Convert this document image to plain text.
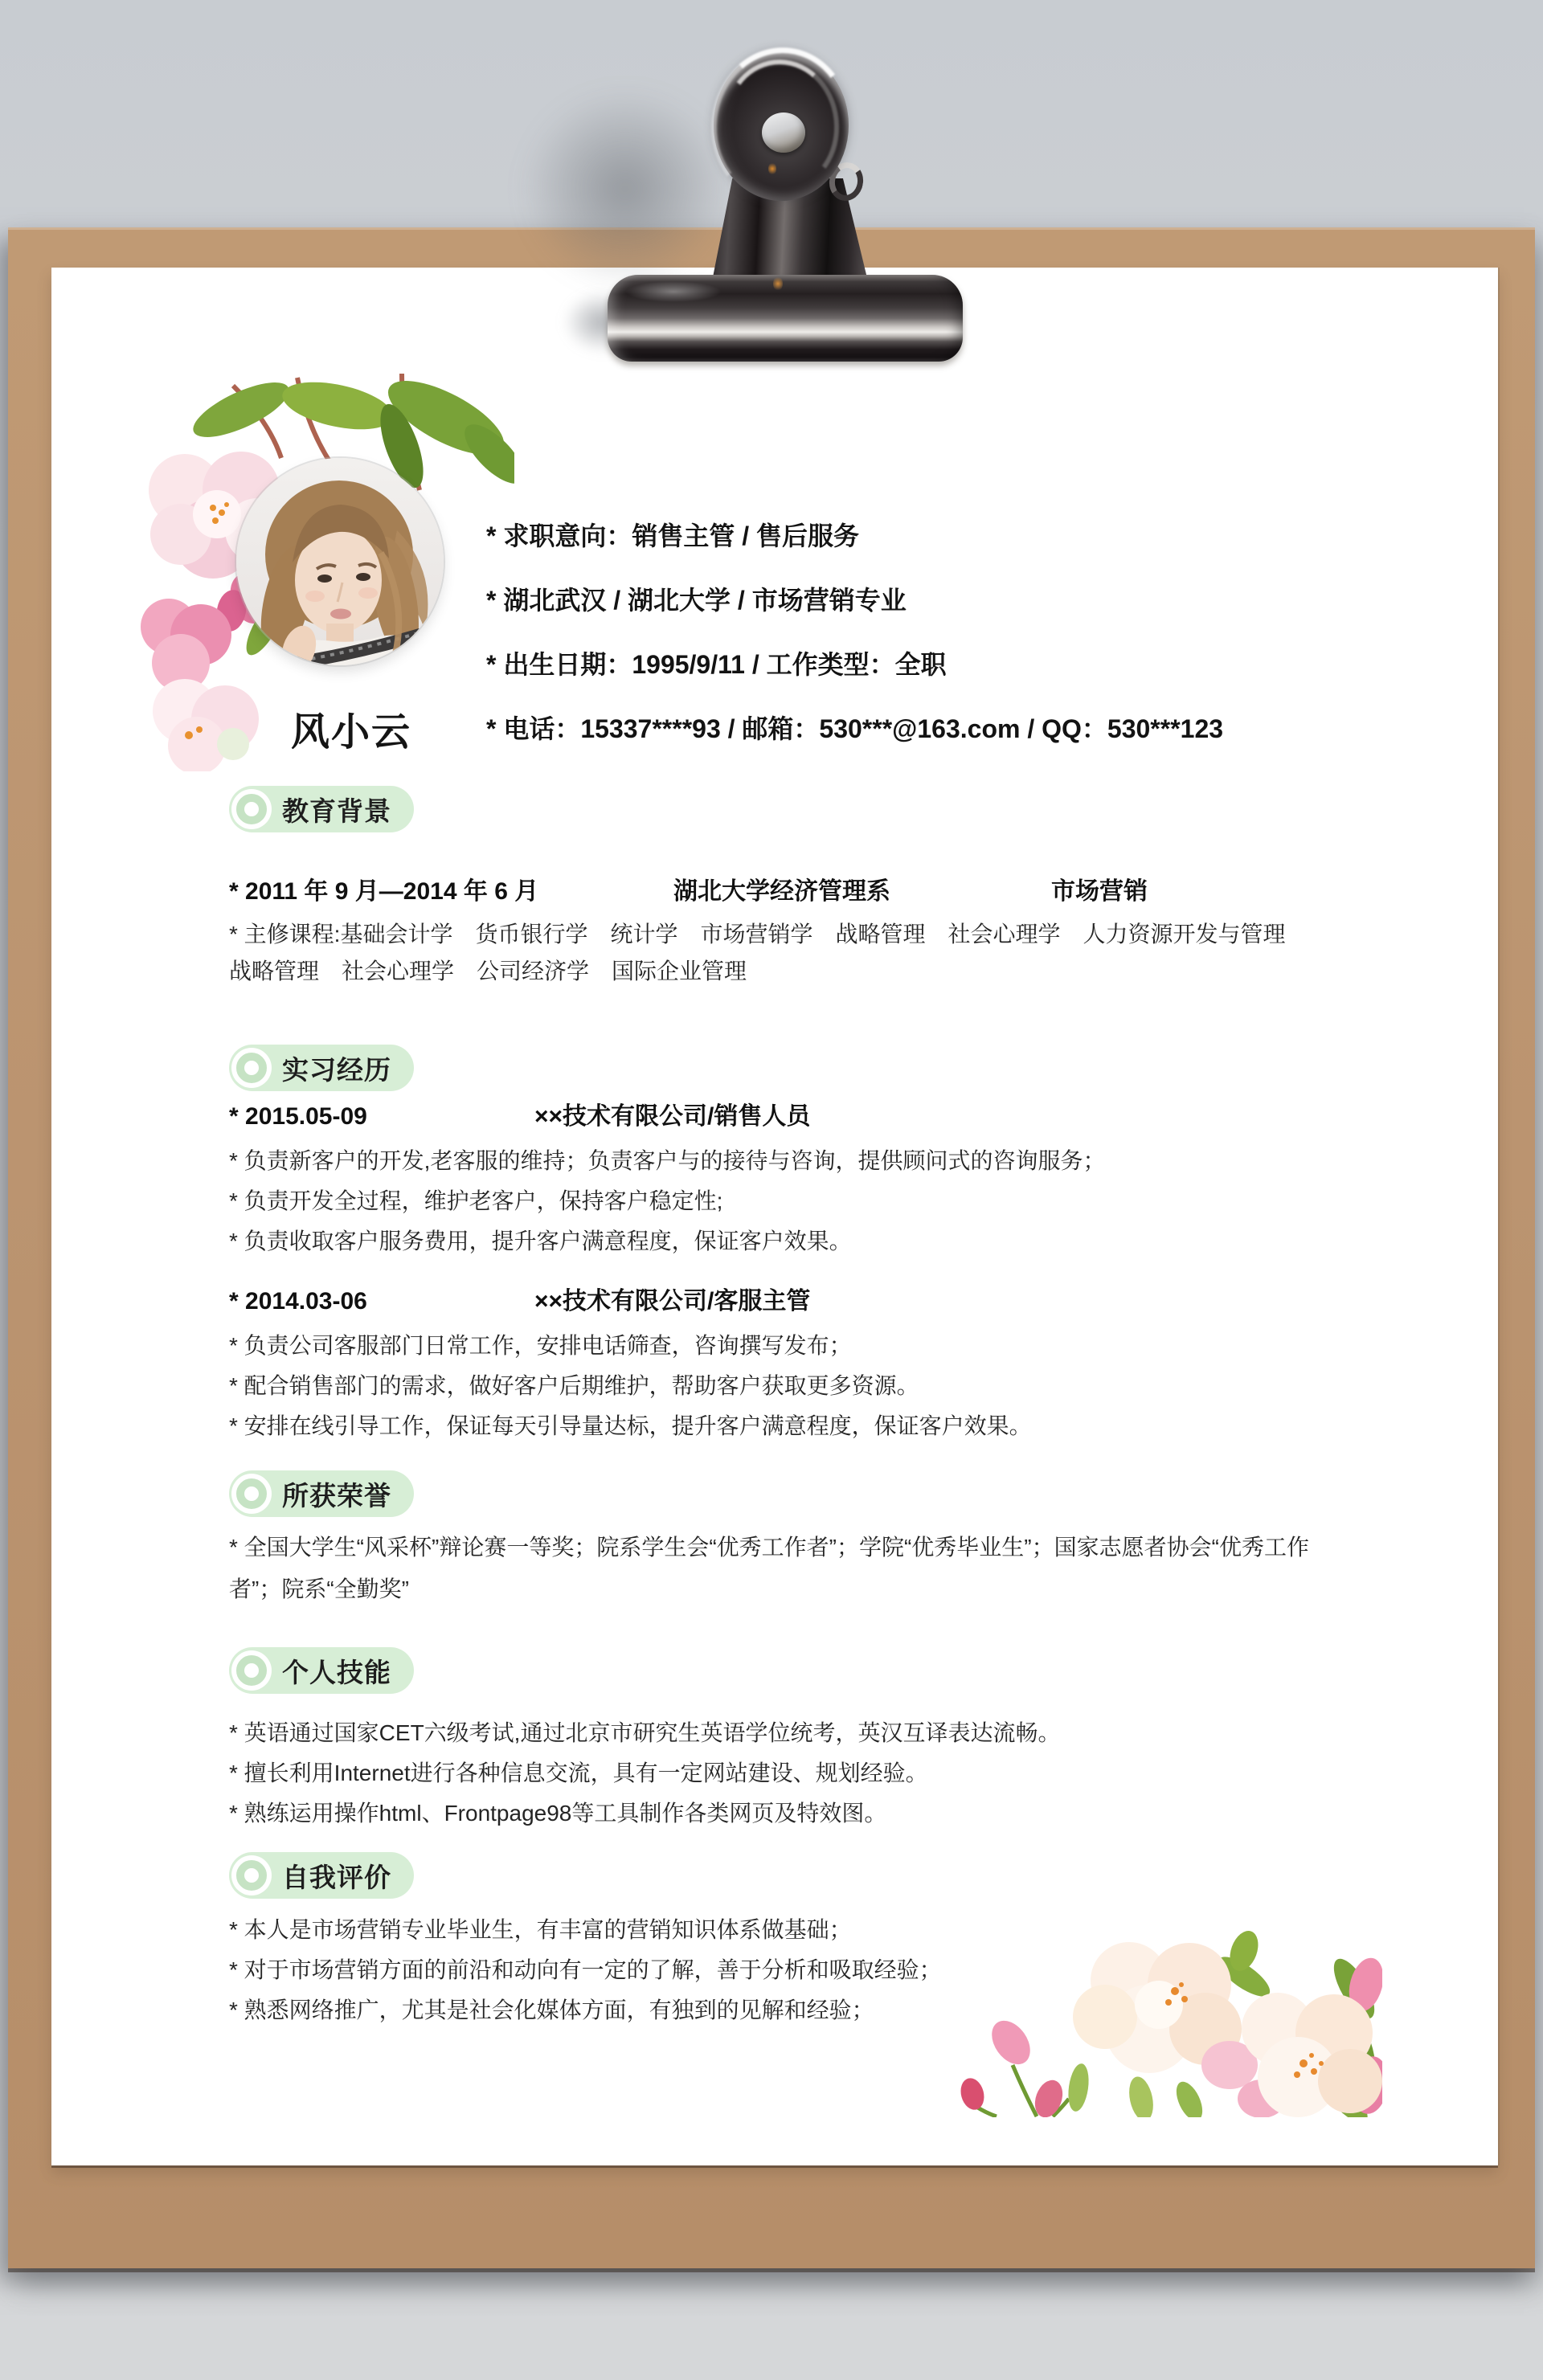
风小云
* 求职意向：销售主管 / 售后服务
* 湖北武汉 / 湖北大学 / 市场营销专业
* 出生日期：1995/9/11 / 工作类型：全职
* 电话：15337****93 / 邮箱：530***@163.com / QQ：530***123
教育背景
* 2011 年 9 月—2014 年 6 月	湖北大学经济管理系	市场营销
* 主修课程:基础会计学　货币银行学　统计学　市场营销学　战略管理　社会心理学　人力资源开发与管理
战略管理　社会心理学　公司经济学　国际企业管理
实习经历
* 2015.05-09	××技术有限公司/销售人员
* 负责新客户的开发,老客服的维持；负责客户与的接待与咨询，提供顾问式的咨询服务；
* 负责开发全过程，维护老客户，保持客户稳定性;
* 负责收取客户服务费用，提升客户满意程度，保证客户效果。
* 2014.03-06	××技术有限公司/客服主管
* 负责公司客服部门日常工作，安排电话筛查，咨询撰写发布；
* 配合销售部门的需求，做好客户后期维护，帮助客户获取更多资源。
* 安排在线引导工作，保证每天引导量达标，提升客户满意程度，保证客户效果。
所获荣誉
* 全国大学生“风采杯”辩论赛一等奖；院系学生会“优秀工作者”；学院“优秀毕业生”；国家志愿者协会“优秀工作者”；院系“全勤奖”
个人技能
* 英语通过国家CET六级考试,通过北京市研究生英语学位统考，英汉互译表达流畅。
* 擅长利用Internet进行各种信息交流，具有一定网站建设、规划经验。
* 熟练运用操作html、Frontpage98等工具制作各类网页及特效图。
自我评价
* 本人是市场营销专业毕业生，有丰富的营销知识体系做基础；
* 对于市场营销方面的前沿和动向有一定的了解，善于分析和吸取经验；
* 熟悉网络推广，尤其是社会化媒体方面，有独到的见解和经验；
